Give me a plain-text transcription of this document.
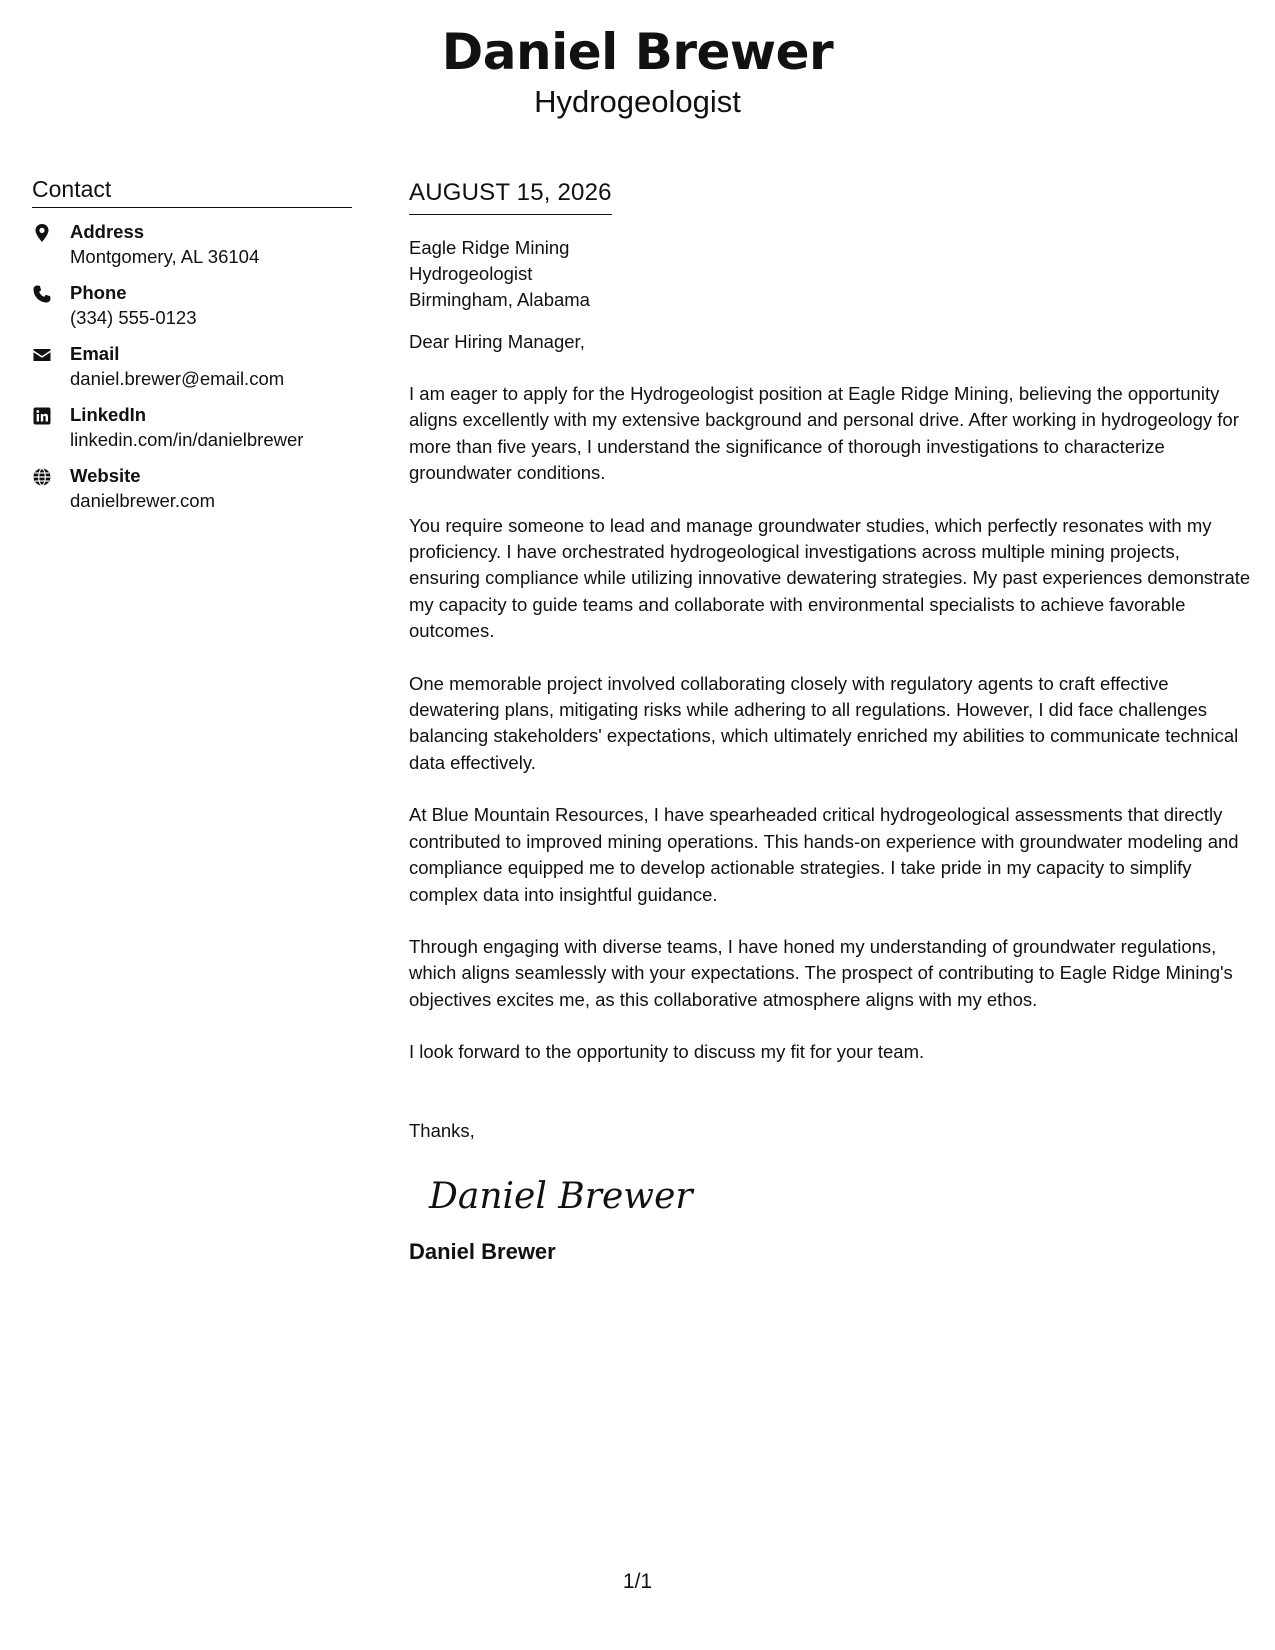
Daniel Brewer
Hydrogeologist
Contact
Address
Montgomery, AL 36104
Phone
(334) 555-0123
Email
daniel.brewer@email.com
LinkedIn
linkedin.com/in/danielbrewer
Website
danielbrewer.com
AUGUST 15, 2026
Eagle Ridge Mining
Hydrogeologist
Birmingham, Alabama
Dear Hiring Manager,
I am eager to apply for the Hydrogeologist position at Eagle Ridge Mining, believing the opportunity aligns excellently with my extensive background and personal drive. After working in hydrogeology for more than five years, I understand the significance of thorough investigations to characterize groundwater conditions.
You require someone to lead and manage groundwater studies, which perfectly resonates with my proficiency. I have orchestrated hydrogeological investigations across multiple mining projects, ensuring compliance while utilizing innovative dewatering strategies. My past experiences demonstrate my capacity to guide teams and collaborate with environmental specialists to achieve favorable outcomes.
One memorable project involved collaborating closely with regulatory agents to craft effective dewatering plans, mitigating risks while adhering to all regulations. However, I did face challenges balancing stakeholders' expectations, which ultimately enriched my abilities to communicate technical data effectively.
At Blue Mountain Resources, I have spearheaded critical hydrogeological assessments that directly contributed to improved mining operations. This hands-on experience with groundwater modeling and compliance equipped me to develop actionable strategies. I take pride in my capacity to simplify complex data into insightful guidance.
Through engaging with diverse teams, I have honed my understanding of groundwater regulations, which aligns seamlessly with your expectations. The prospect of contributing to Eagle Ridge Mining's objectives excites me, as this collaborative atmosphere aligns with my ethos.
I look forward to the opportunity to discuss my fit for your team.
Thanks,
Daniel Brewer
Daniel Brewer
1/1
